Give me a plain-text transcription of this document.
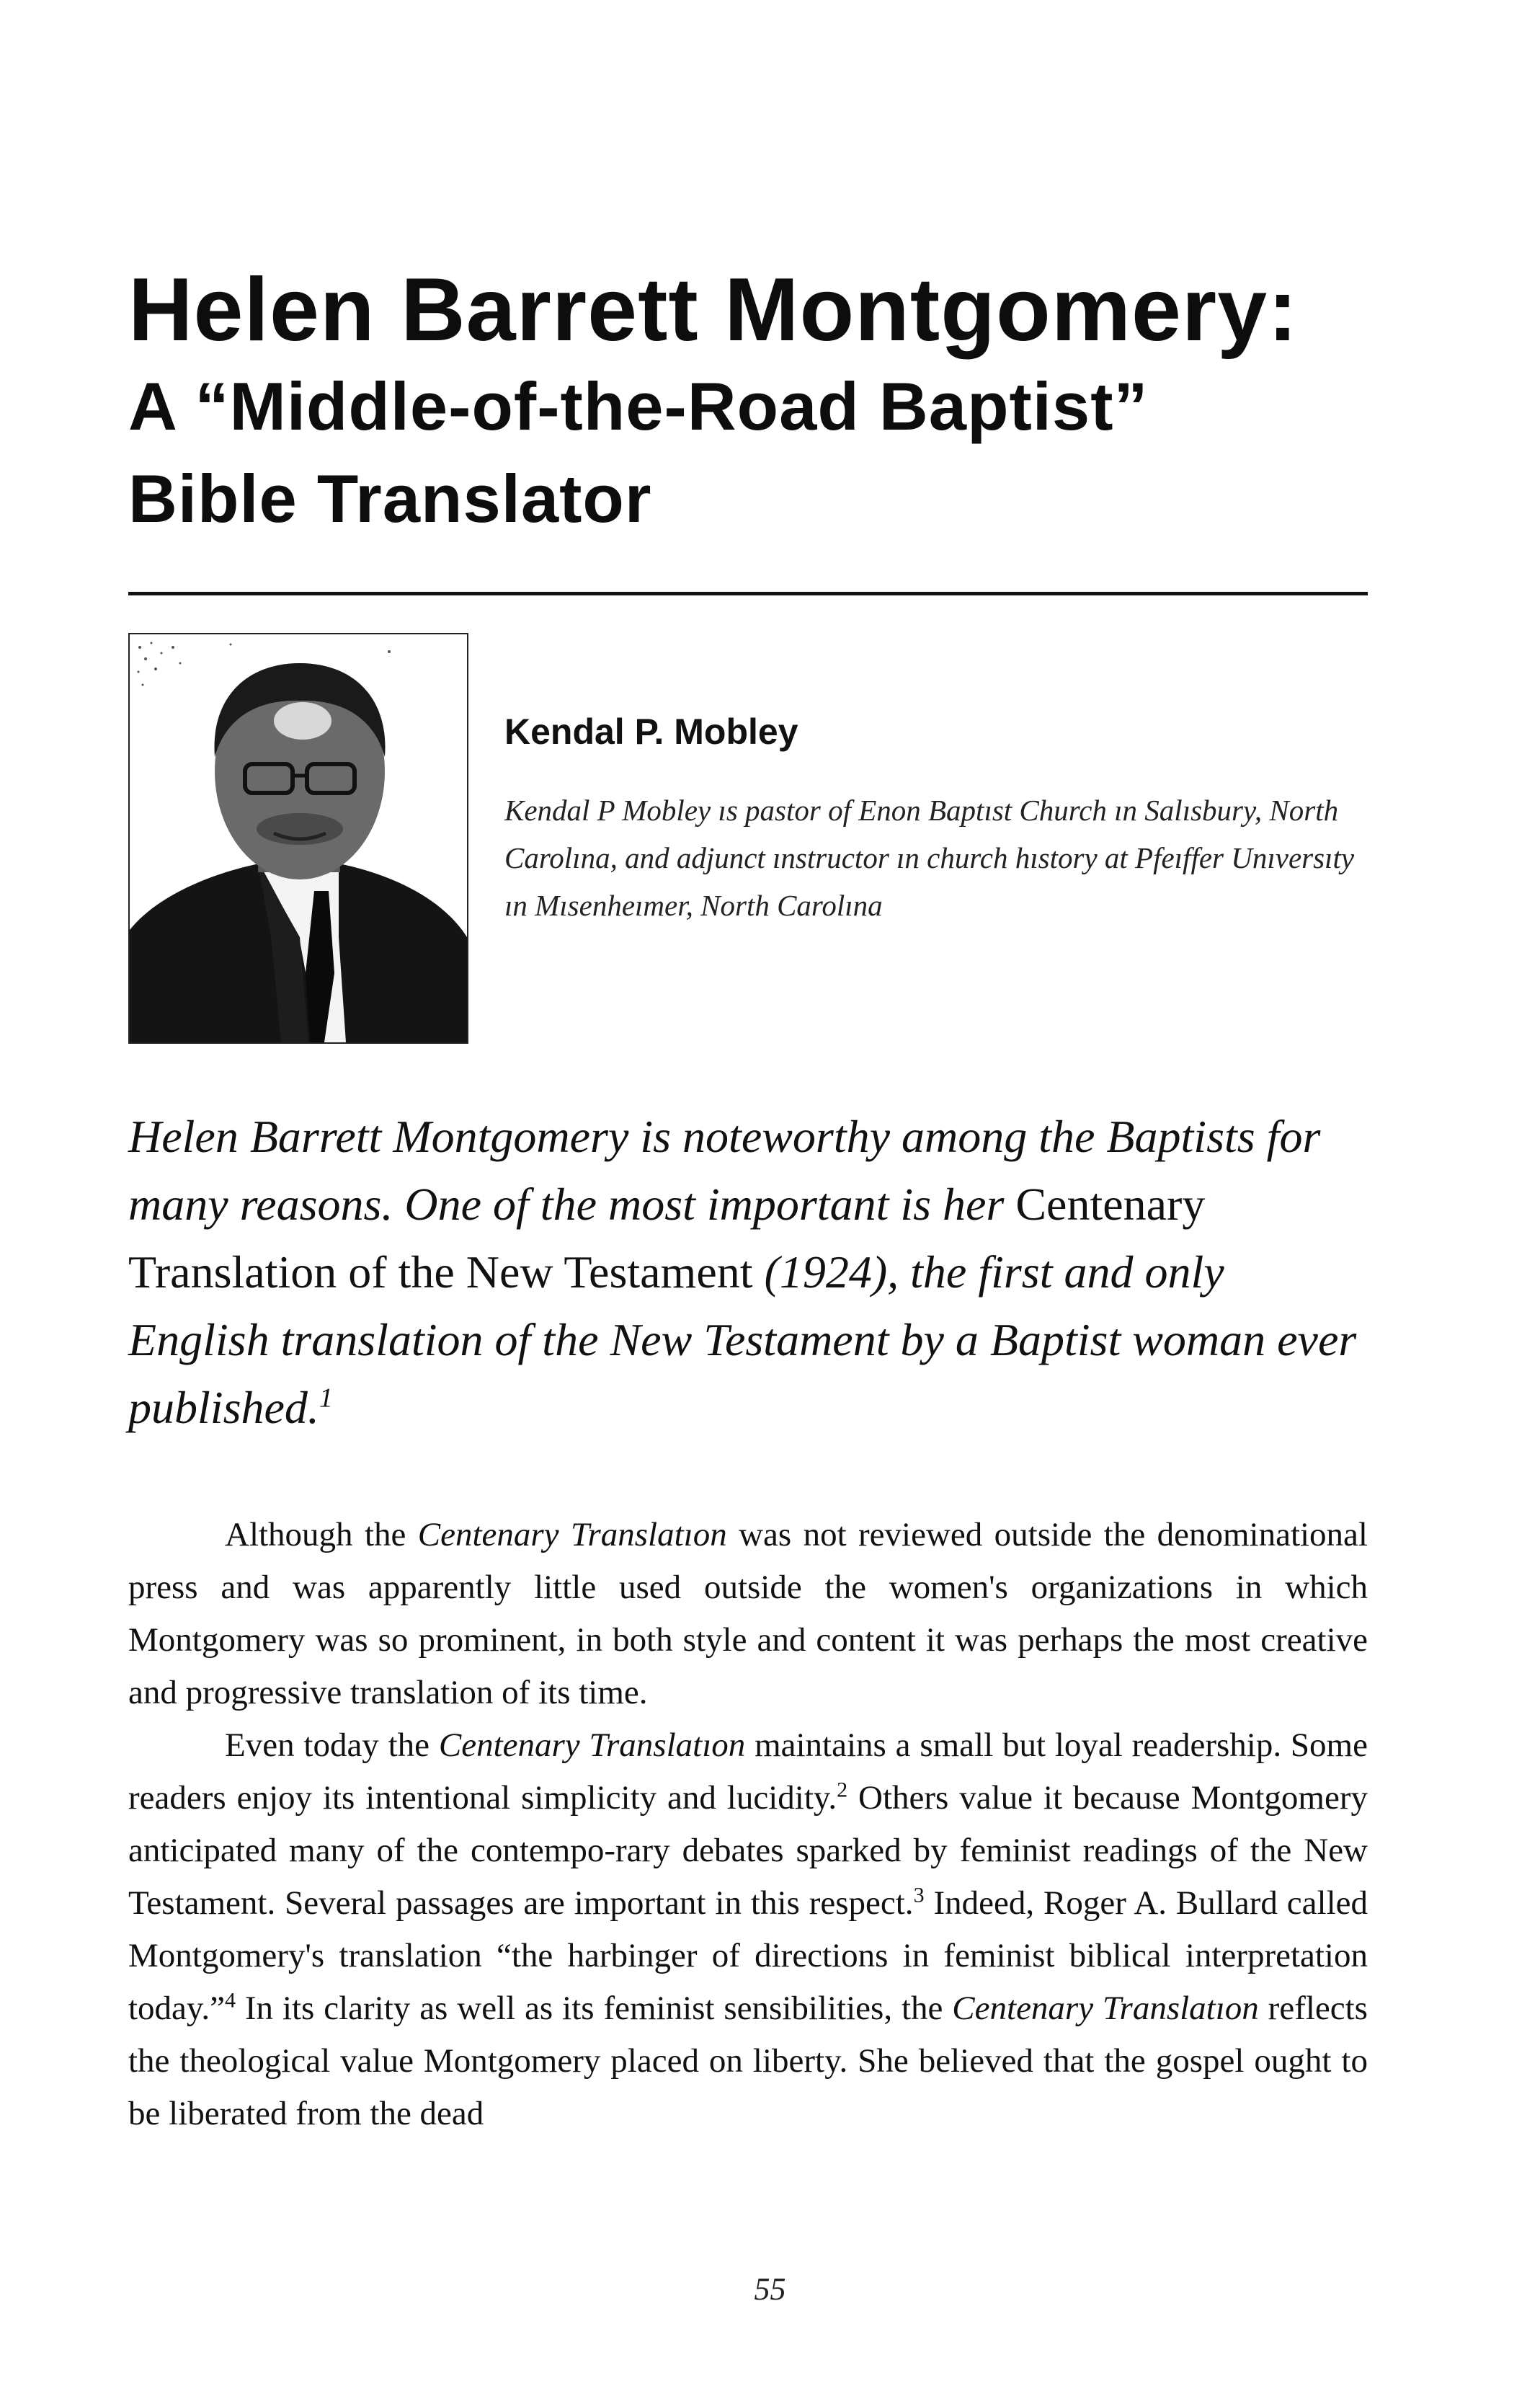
Helen Barrett Montgomery:
A “Middle-of-the-Road Baptist”
Bible Translator

Kendal P. Mobley

Kendal P Mobley ıs pastor of Enon Baptıst Church ın Salısbury, North Carolına, and adjunct ınstructor ın church hıstory at Pfeıffer Unıversıty ın Mısenheımer, North Carolına

Helen Barrett Montgomery is noteworthy among the Baptists for many reasons. One of the most important is her Centenary Translation of the New Testament (1924), the first and only English translation of the New Testament by a Baptist woman ever published.$^1$

Although the Centenary Translatıon was not reviewed outside the denominational press and was apparently little used outside the women's organizations in which Montgomery was so prominent, in both style and content it was perhaps the most creative and progressive translation of its time.

Even today the Centenary Translatıon maintains a small but loyal readership. Some readers enjoy its intentional simplicity and lucidity.$^2$ Others value it because Montgomery anticipated many of the contempo-rary debates sparked by feminist readings of the New Testament. Several passages are important in this respect.$^3$ Indeed, Roger A. Bullard called Montgomery's translation “the harbinger of directions in feminist biblical interpretation today.”$^4$ In its clarity as well as its feminist sensibilities, the Centenary Translatıon reflects the theological value Montgomery placed on liberty. She believed that the gospel ought to be liberated from the dead

55
